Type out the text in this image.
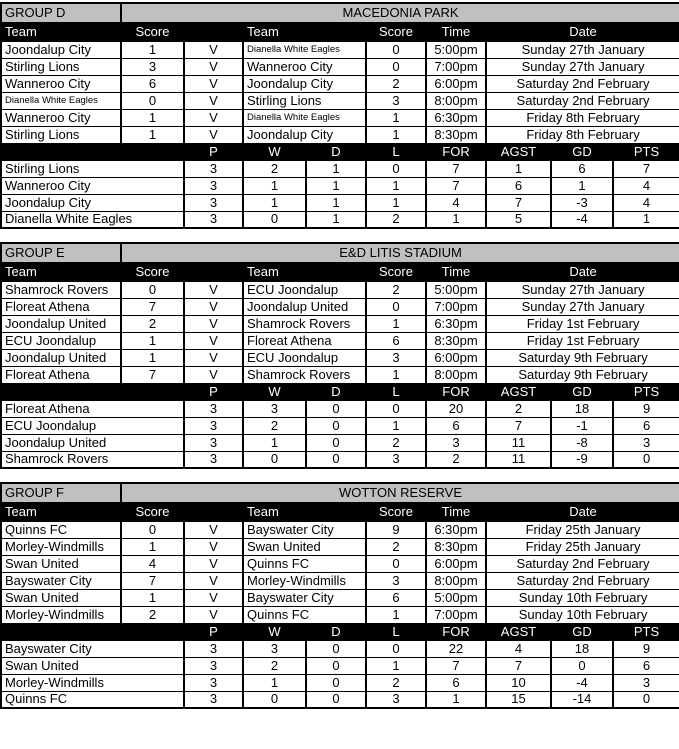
GROUP D	MACEDONIA PARK								
Team	Score		Team		Score	Time	Date		
Joondalup City	1	V	Dianella White Eagles		0	5:00pm	Sunday 27th January		
Stirling Lions	3	V	Wanneroo City		0	7:00pm	Sunday 27th January		
Wanneroo City	6	V	Joondalup City		2	6:00pm	Saturday 2nd February		
Dianella White Eagles	0	V	Stirling Lions		3	8:00pm	Saturday 2nd February		
Wanneroo City	1	V	Dianella White Eagles		1	6:30pm	Friday 8th February		
Stirling Lions	1	V	Joondalup City		1	8:30pm	Friday 8th February		
		P	W	D	L	FOR	AGST	GD	PTS
Stirling Lions		3	2	1	0	7	1	6	7
Wanneroo City		3	1	1	1	7	6	1	4
Joondalup City		3	1	1	1	4	7	-3	4
Dianella White Eagles		3	0	1	2	1	5	-4	1
GROUP E	E&D LITIS STADIUM								
Team	Score		Team		Score	Time	Date		
Shamrock Rovers	0	V	ECU Joondalup		2	5:00pm	Sunday 27th January		
Floreat Athena	7	V	Joondalup United		0	7:00pm	Sunday 27th January		
Joondalup United	2	V	Shamrock Rovers		1	6:30pm	Friday 1st February		
ECU Joondalup	1	V	Floreat Athena		6	8:30pm	Friday 1st February		
Joondalup United	1	V	ECU Joondalup		3	6:00pm	Saturday 9th February		
Floreat Athena	7	V	Shamrock Rovers		1	8:00pm	Saturday 9th February		
		P	W	D	L	FOR	AGST	GD	PTS
Floreat Athena		3	3	0	0	20	2	18	9
ECU Joondalup		3	2	0	1	6	7	-1	6
Joondalup United		3	1	0	2	3	11	-8	3
Shamrock Rovers		3	0	0	3	2	11	-9	0
GROUP F	WOTTON RESERVE								
Team	Score		Team		Score	Time	Date		
Quinns FC	0	V	Bayswater City		9	6:30pm	Friday 25th January		
Morley-Windmills	1	V	Swan United		2	8:30pm	Friday 25th January		
Swan United	4	V	Quinns FC		0	6:00pm	Saturday 2nd February		
Bayswater City	7	V	Morley-Windmills		3	8:00pm	Saturday 2nd February		
Swan United	1	V	Bayswater City		6	5:00pm	Sunday 10th February		
Morley-Windmills	2	V	Quinns FC		1	7:00pm	Sunday 10th February		
		P	W	D	L	FOR	AGST	GD	PTS
Bayswater City		3	3	0	0	22	4	18	9
Swan United		3	2	0	1	7	7	0	6
Morley-Windmills		3	1	0	2	6	10	-4	3
Quinns FC		3	0	0	3	1	15	-14	0
